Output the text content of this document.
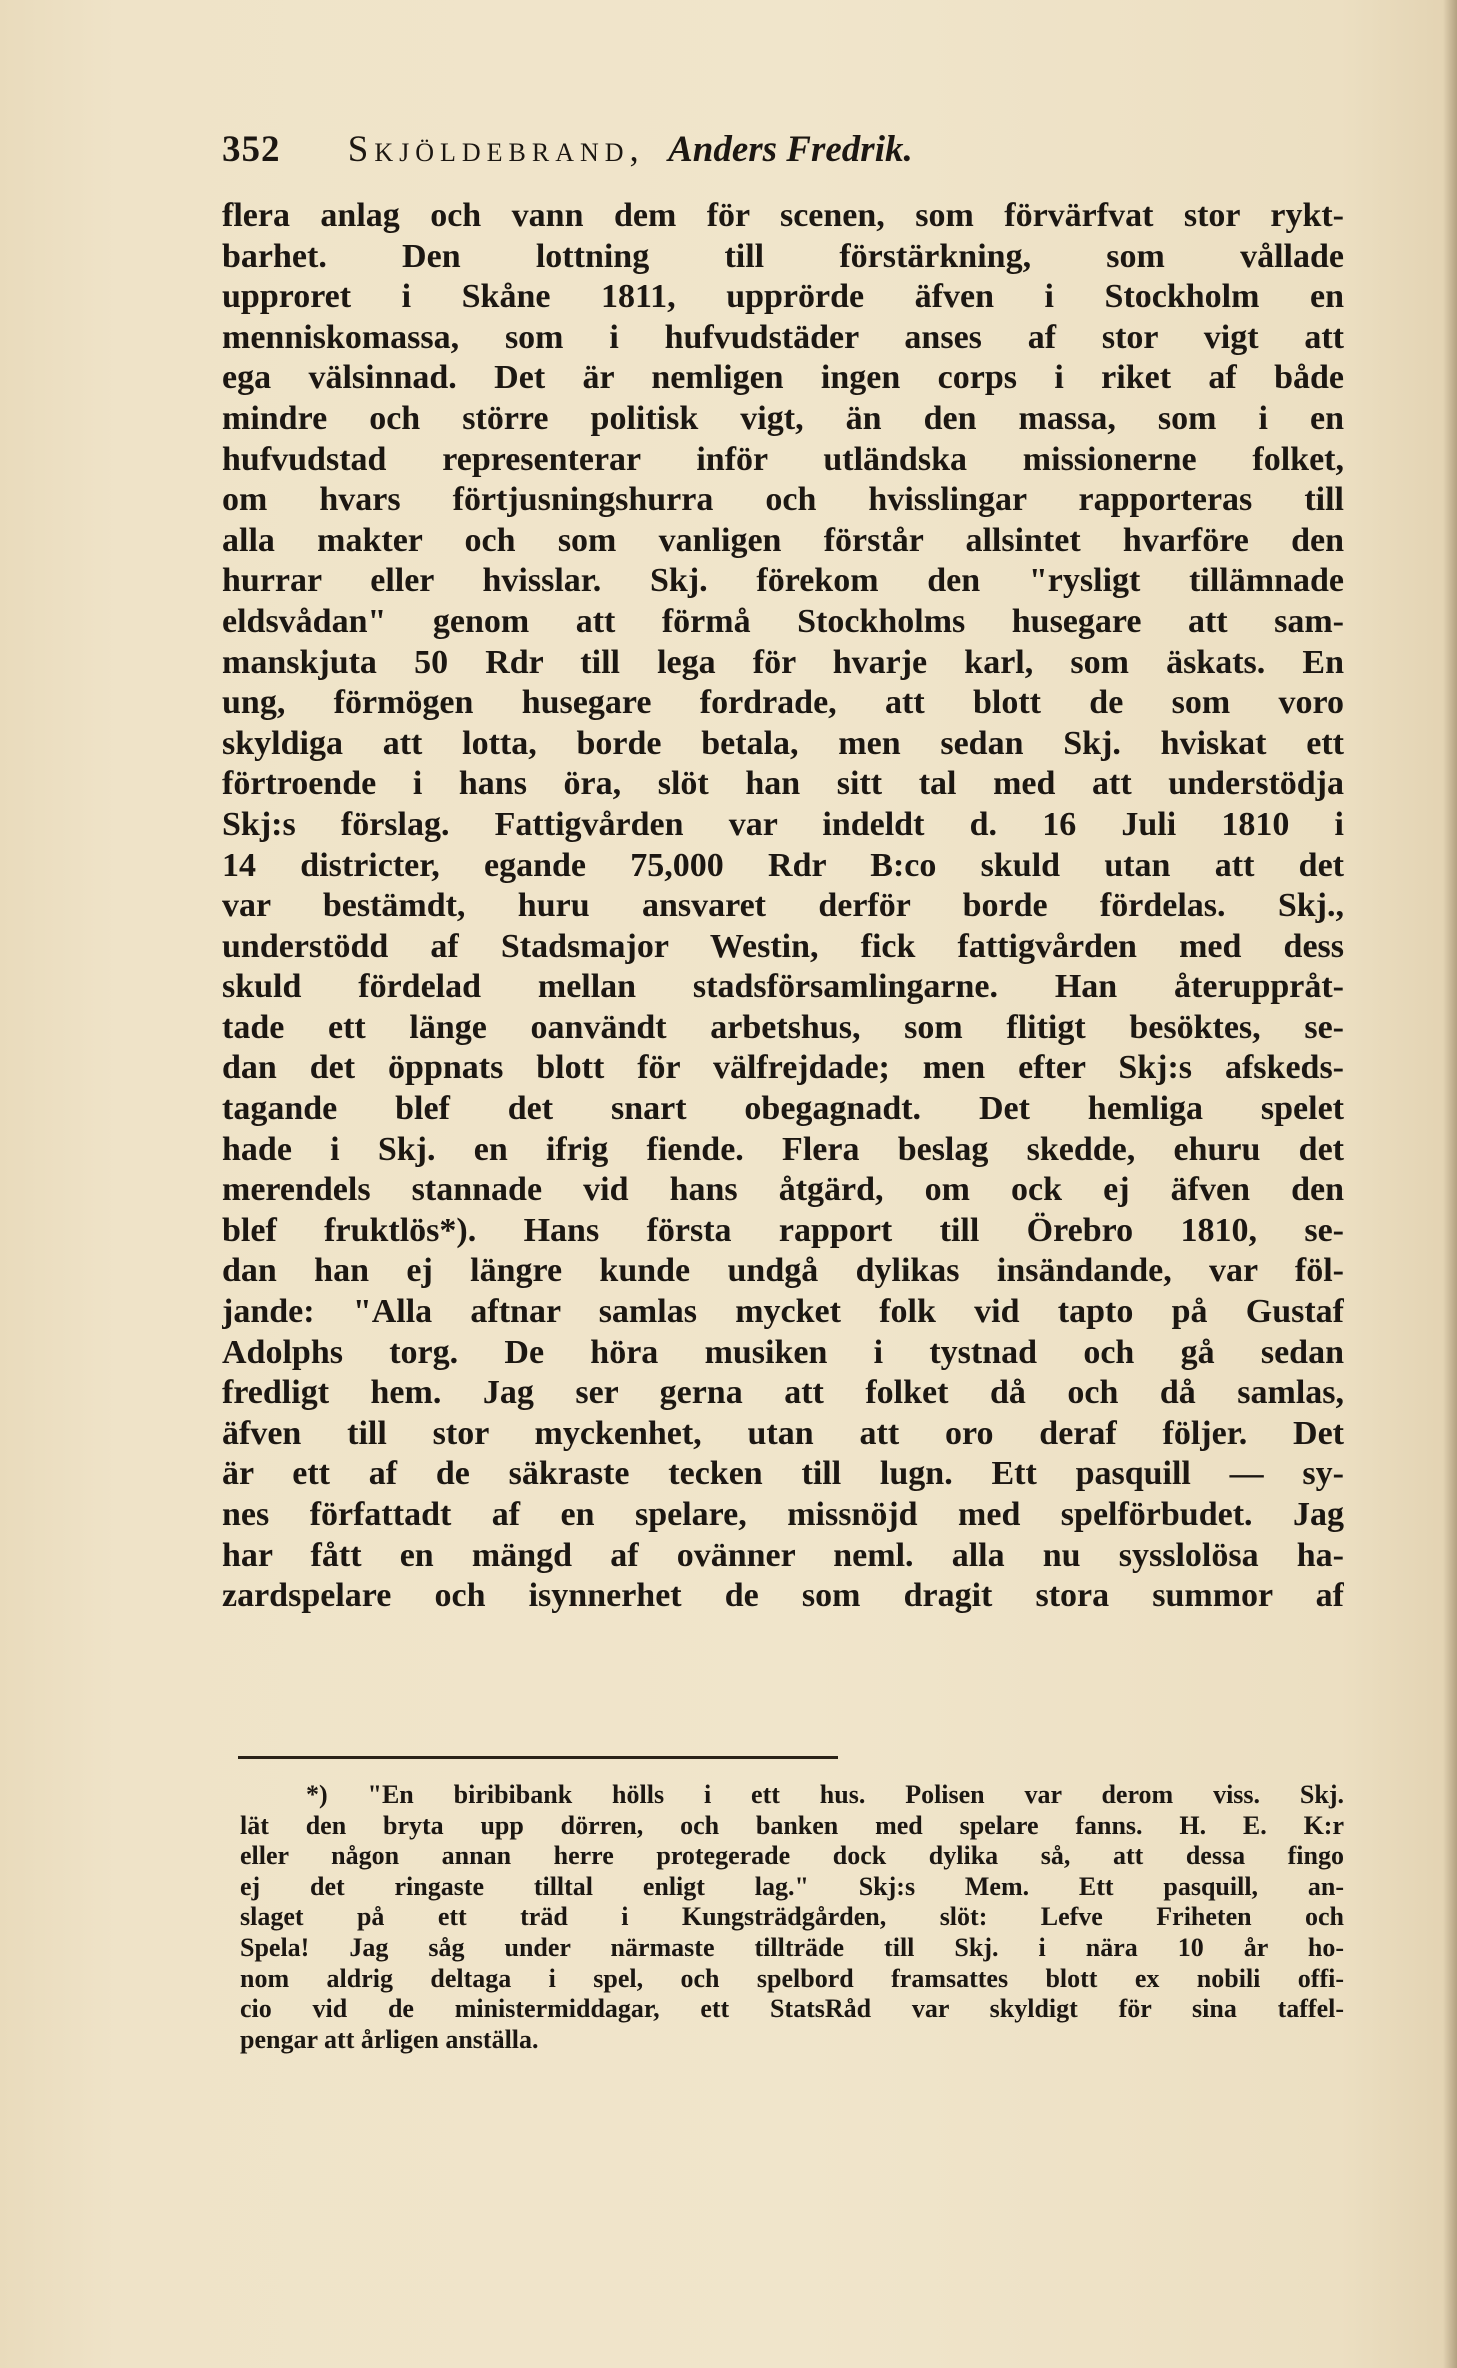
352 Skjöldebrand, Anders Fredrik.
flera anlag och vann dem för scenen, som förvärfvat stor rykt-
barhet. Den lottning till förstärkning, som vållade
upproret i Skåne 1811, upprörde äfven i Stockholm en
menniskomassa, som i hufvudstäder anses af stor vigt att
ega välsinnad. Det är nemligen ingen corps i riket af både
mindre och större politisk vigt, än den massa, som i en
hufvudstad representerar inför utländska missionerne folket,
om hvars förtjusningshurra och hvisslingar rapporteras till
alla makter och som vanligen förstår allsintet hvarföre den
hurrar eller hvisslar. Skj. förekom den "rysligt tillämnade
eldsvådan" genom att förmå Stockholms husegare att sam-
manskjuta 50 Rdr till lega för hvarje karl, som äskats. En
ung, förmögen husegare fordrade, att blott de som voro
skyldiga att lotta, borde betala, men sedan Skj. hviskat ett
förtroende i hans öra, slöt han sitt tal med att understödja
Skj:s förslag. Fattigvården var indeldt d. 16 Juli 1810 i
14 districter, egande 75,000 Rdr B:co skuld utan att det
var bestämdt, huru ansvaret derför borde fördelas. Skj.,
understödd af Stadsmajor Westin, fick fattigvården med dess
skuld fördelad mellan stadsförsamlingarne. Han återuppråt-
tade ett länge oanvändt arbetshus, som flitigt besöktes, se-
dan det öppnats blott för välfrejdade; men efter Skj:s afskeds-
tagande blef det snart obegagnadt. Det hemliga spelet
hade i Skj. en ifrig fiende. Flera beslag skedde, ehuru det
merendels stannade vid hans åtgärd, om ock ej äfven den
blef fruktlös*). Hans första rapport till Örebro 1810, se-
dan han ej längre kunde undgå dylikas insändande, var föl-
jande: "Alla aftnar samlas mycket folk vid tapto på Gustaf
Adolphs torg. De höra musiken i tystnad och gå sedan
fredligt hem. Jag ser gerna att folket då och då samlas,
äfven till stor myckenhet, utan att oro deraf följer. Det
är ett af de säkraste tecken till lugn. Ett pasquill — sy-
nes författadt af en spelare, missnöjd med spelförbudet. Jag
har fått en mängd af ovänner neml. alla nu sysslolösa ha-
zardspelare och isynnerhet de som dragit stora summor af

*) "En biribibank hölls i ett hus. Polisen var derom viss. Skj.
lät den bryta upp dörren, och banken med spelare fanns. H. E. K:r
eller någon annan herre protegerade dock dylika så, att dessa fingo
ej det ringaste tilltal enligt lag." Skj:s Mem. Ett pasquill, an-
slaget på ett träd i Kungsträdgården, slöt: Lefve Friheten och
Spela! Jag såg under närmaste tillträde till Skj. i nära 10 år ho-
nom aldrig deltaga i spel, och spelbord framsattes blott ex nobili offi-
cio vid de ministermiddagar, ett StatsRåd var skyldigt för sina taffel-
pengar att årligen anställa.
